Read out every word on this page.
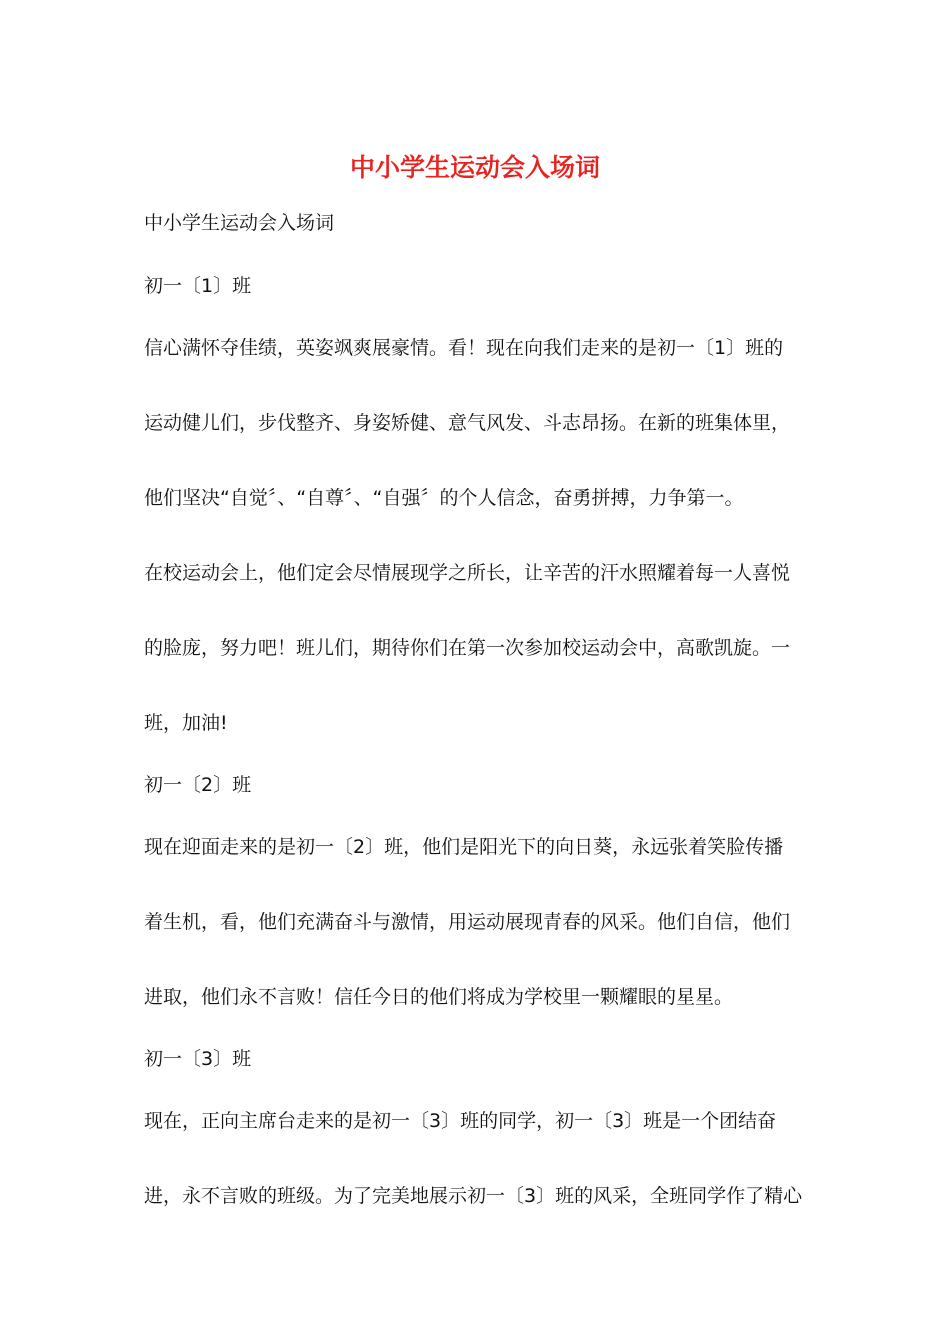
中小学生运动会入场词
中小学生运动会入场词
初一〔1〕班
信心满怀夺佳绩，英姿飒爽展豪情。看！现在向我们走来的是初一〔1〕班的
运动健儿们，步伐整齐、身姿矫健、意气风发、斗志昂扬。在新的班集体里，
他们坚决“自觉〞、“自尊〞、“自强〞的个人信念，奋勇拼搏，力争第一。
在校运动会上，他们定会尽情展现学之所长，让辛苦的汗水照耀着每一人喜悦
的脸庞，努力吧！班儿们，期待你们在第一次参加校运动会中，高歌凯旋。一
班，加油!
初一〔2〕班
现在迎面走来的是初一〔2〕班，他们是阳光下的向日葵，永远张着笑脸传播
着生机，看，他们充满奋斗与激情，用运动展现青春的风采。他们自信，他们
进取，他们永不言败！信任今日的他们将成为学校里一颗耀眼的星星。
初一〔3〕班
现在，正向主席台走来的是初一〔3〕班的同学，初一〔3〕班是一个团结奋
进，永不言败的班级。为了完美地展示初一〔3〕班的风采，全班同学作了精心
